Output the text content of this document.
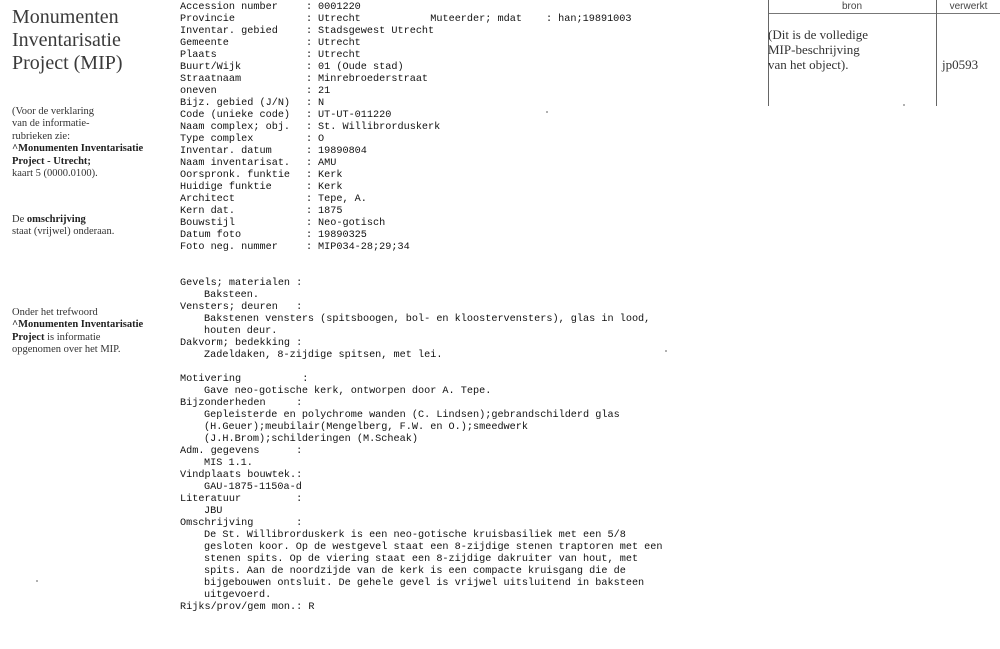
Monumenten
Inventarisatie
Project (MIP)
(Voor de verklaring
van de informatie-
rubrieken zie:
^Monumenten Inventarisatie
Project - Utrecht;
kaart 5 (0000.0100).
De omschrijving
staat (vrijwel) onderaan.
Onder het trefwoord
^Monumenten Inventarisatie
Project is informatie
opgenomen over het MIP.
Accession number	: 0001220
Provincie	: Utrecht
Inventar. gebied	: Stadsgewest Utrecht
Gemeente	: Utrecht
Plaats	: Utrecht
Buurt/Wijk	: 01 (Oude stad)
Straatnaam	: Minrebroederstraat
oneven	: 21
Bijz. gebied (J/N)	: N
Code (unieke code)	: UT-UT-011220
Naam complex; obj.	: St. Willibrorduskerk
Type complex	: O
Inventar. datum	: 19890804
Naam inventarisat.	: AMU
Oorspronk. funktie	: Kerk
Huidige funktie	: Kerk
Architect	: Tepe, A.
Kern dat.	: 1875
Bouwstijl	: Neo-gotisch
Datum foto	: 19890325
Foto neg. nummer	: MIP034-28;29;34

Muteerder; mdat : han;19891003

Gevels; materialen :
Baksteen.
Vensters; deuren   :
Bakstenen vensters (spitsboogen, bol- en kloostervensters), glas in lood,
houten deur.
Dakvorm; bedekking :
Zadeldaken, 8-zijdige spitsen, met lei.
Motivering          :
Gave neo-gotische kerk, ontworpen door A. Tepe.
Bijzonderheden     :
Gepleisterde en polychrome wanden (C. Lindsen);gebrandschilderd glas
(H.Geuer);meubilair(Mengelberg, F.W. en O.);smeedwerk
(J.H.Brom);schilderingen (M.Scheak)
Adm. gegevens      :
MIS 1.1.
Vindplaats bouwtek.:
GAU-1875-1150a-d
Literatuur         :
JBU
Omschrijving       :
De St. Willibrorduskerk is een neo-gotische kruisbasiliek met een 5/8
gesloten koor. Op de westgevel staat een 8-zijdige stenen traptoren met een
stenen spits. Op de viering staat een 8-zijdige dakruiter van hout, met
spits. Aan de noordzijde van de kerk is een compacte kruisgang die de
bijgebouwen ontsluit. De gehele gevel is vrijwel uitsluitend in baksteen
uitgevoerd.
Rijks/prov/gem mon.: R
bron	verwerkt
(Dit is de volledige
MIP-beschrijving
van het object).	jp0593
